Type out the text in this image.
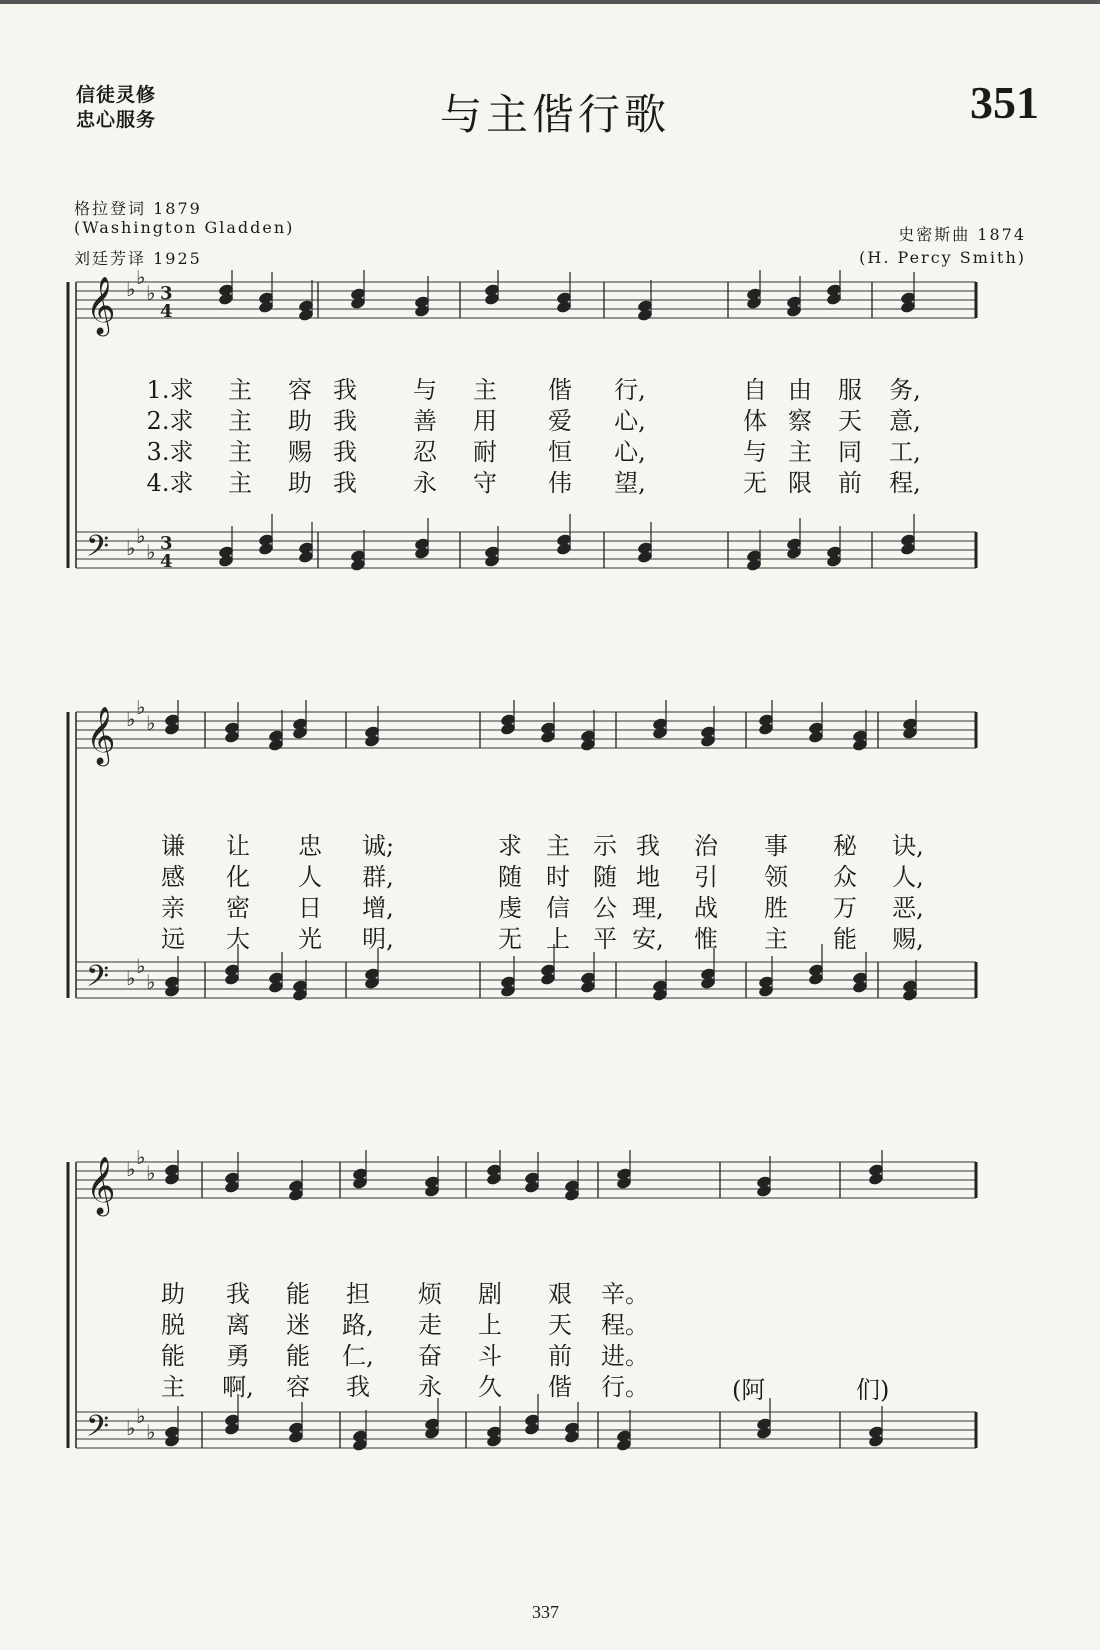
信徒灵修
忠心服务	与主偕行歌	351
格拉登词 1879
(Washington Gladden)
刘廷芳译 1925
史密斯曲 1874
(H. Percy Smith)
𝄞 ♭ ♭
♭ 3
4
𝄢 ♭ ♭
♭ 3
4
𝄞 ♭ ♭
♭
𝄢 ♭ ♭
♭
𝄞 ♭ ♭
♭
𝄢 ♭ ♭
♭
1.求 主 容 我 与 主 偕 行,	自 由 服 务,
2.求 主 助 我 善 用 爱 心,	体 察 天 意,
3.求 主 赐 我 忍 耐 恒 心,	与 主 同 工,
4.求 主 助 我 永 守 伟 望,	无 限 前 程,
谦 让 忠 诚;	求 主 示 我 治 事 秘 诀,
感 化 人 群,	随 时 随 地 引 领 众 人,
亲 密 日 增,	虔 信 公 理, 战 胜 万 恶,
远 大 光 明,	无 上 平 安, 惟 主 能 赐,
(阿	们)
助 我 能 担 烦 剧 艰 辛。
脱 离 迷 路, 走 上 天 程。
能 勇 能 仁, 奋 斗 前 进。
主 啊, 容 我 永 久 偕 行。
337
